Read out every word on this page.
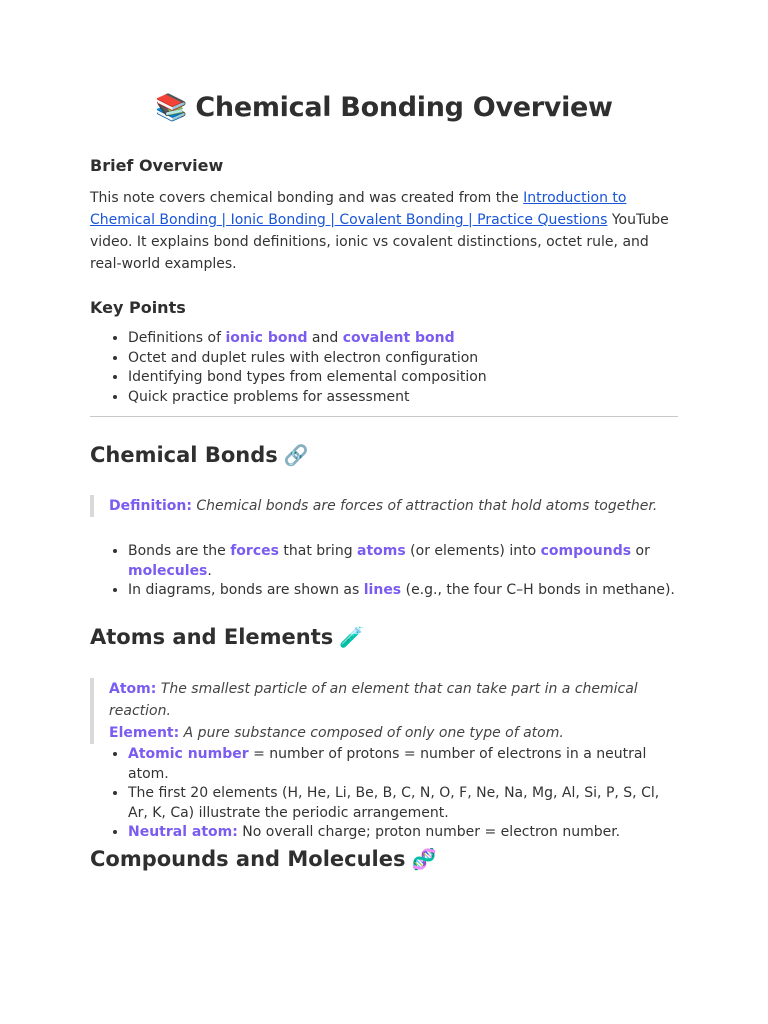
📚 Chemical Bonding Overview
Brief Overview

This note covers chemical bonding and was created from the Introduction to Chemical Bonding | Ionic Bonding | Covalent Bonding | Practice Questions YouTube video. It explains bond definitions, ionic vs covalent distinctions, octet rule, and real-world examples.

Key Points
• Definitions of ionic bond and covalent bond
• Octet and duplet rules with electron configuration
• Identifying bond types from elemental composition
• Quick practice problems for assessment
Chemical Bonds 🔗
Definition: Chemical bonds are forces of attraction that hold atoms together.
• Bonds are the forces that bring atoms (or elements) into compounds or
molecules.
• In diagrams, bonds are shown as lines (e.g., the four C–H bonds in methane).
Atoms and Elements 🧪
Atom: The smallest particle of an element that can take part in a chemical reaction.
Element: A pure substance composed of only one type of atom.
• Atomic number = number of protons = number of electrons in a neutral atom.
• The first 20 elements (H, He, Li, Be, B, C, N, O, F, Ne, Na, Mg, Al, Si, P, S, Cl, Ar, K, Ca) illustrate the periodic arrangement.
• Neutral atom: No overall charge; proton number = electron number.
Compounds and Molecules 🧬
